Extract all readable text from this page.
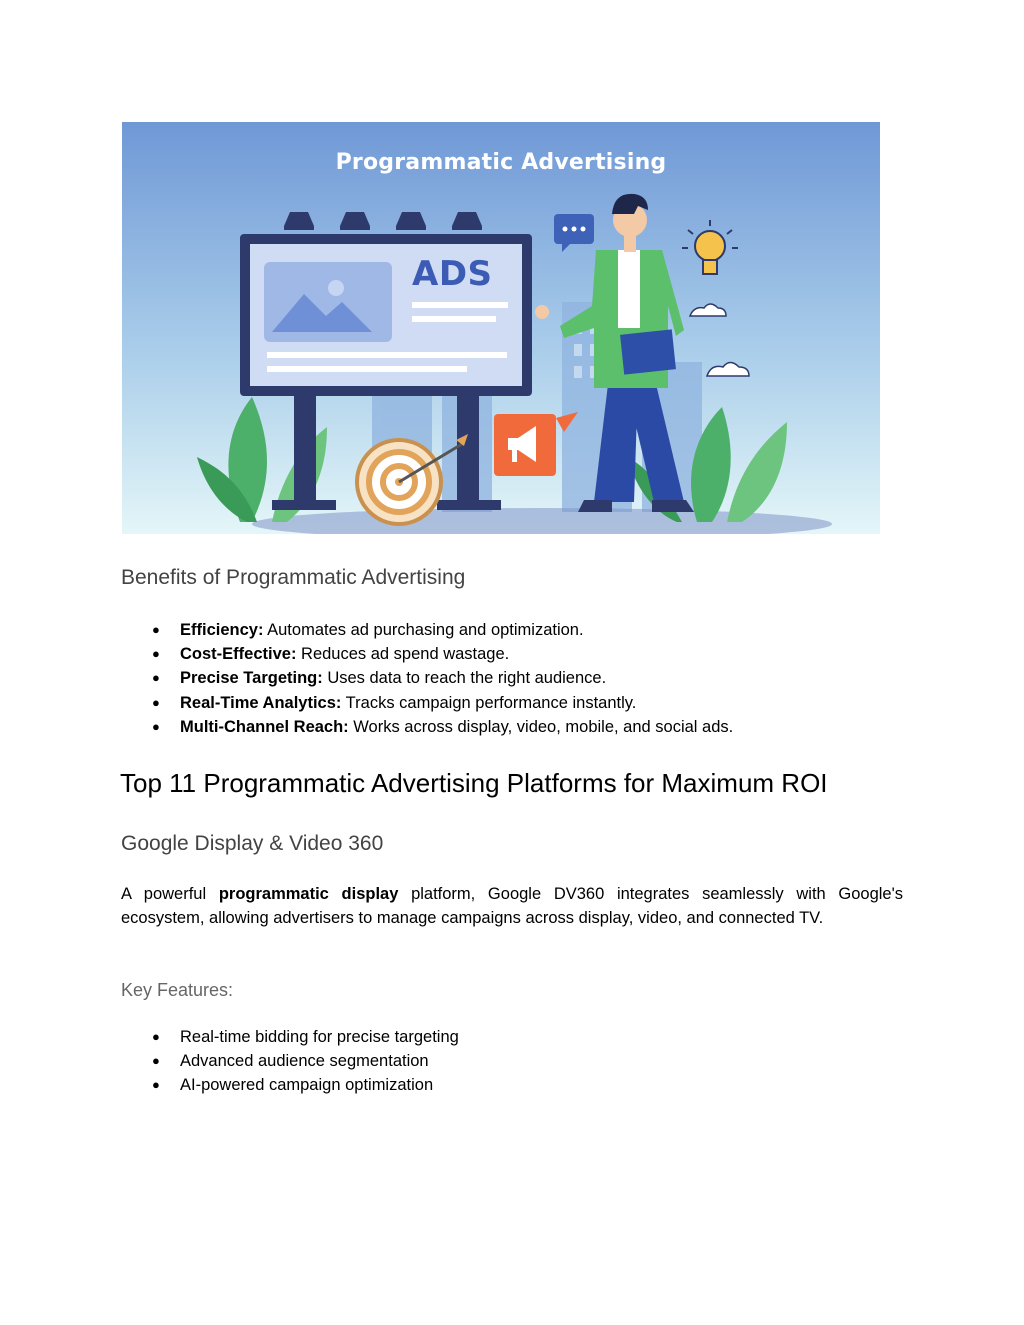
Programmatic Advertising
ADS
Benefits of Programmatic Advertising
● Efficiency: Automates ad purchasing and optimization.
● Cost-Effective: Reduces ad spend wastage.
● Precise Targeting: Uses data to reach the right audience.
● Real-Time Analytics: Tracks campaign performance instantly.
● Multi-Channel Reach: Works across display, video, mobile, and social ads.
Top 11 Programmatic Advertising Platforms for Maximum ROI
Google Display & Video 360

A powerful programmatic display platform, Google DV360 integrates seamlessly with Google's ecosystem, allowing advertisers to manage campaigns across display, video, and connected TV.

Key Features:
● Real-time bidding for precise targeting
● Advanced audience segmentation
● AI-powered campaign optimization
